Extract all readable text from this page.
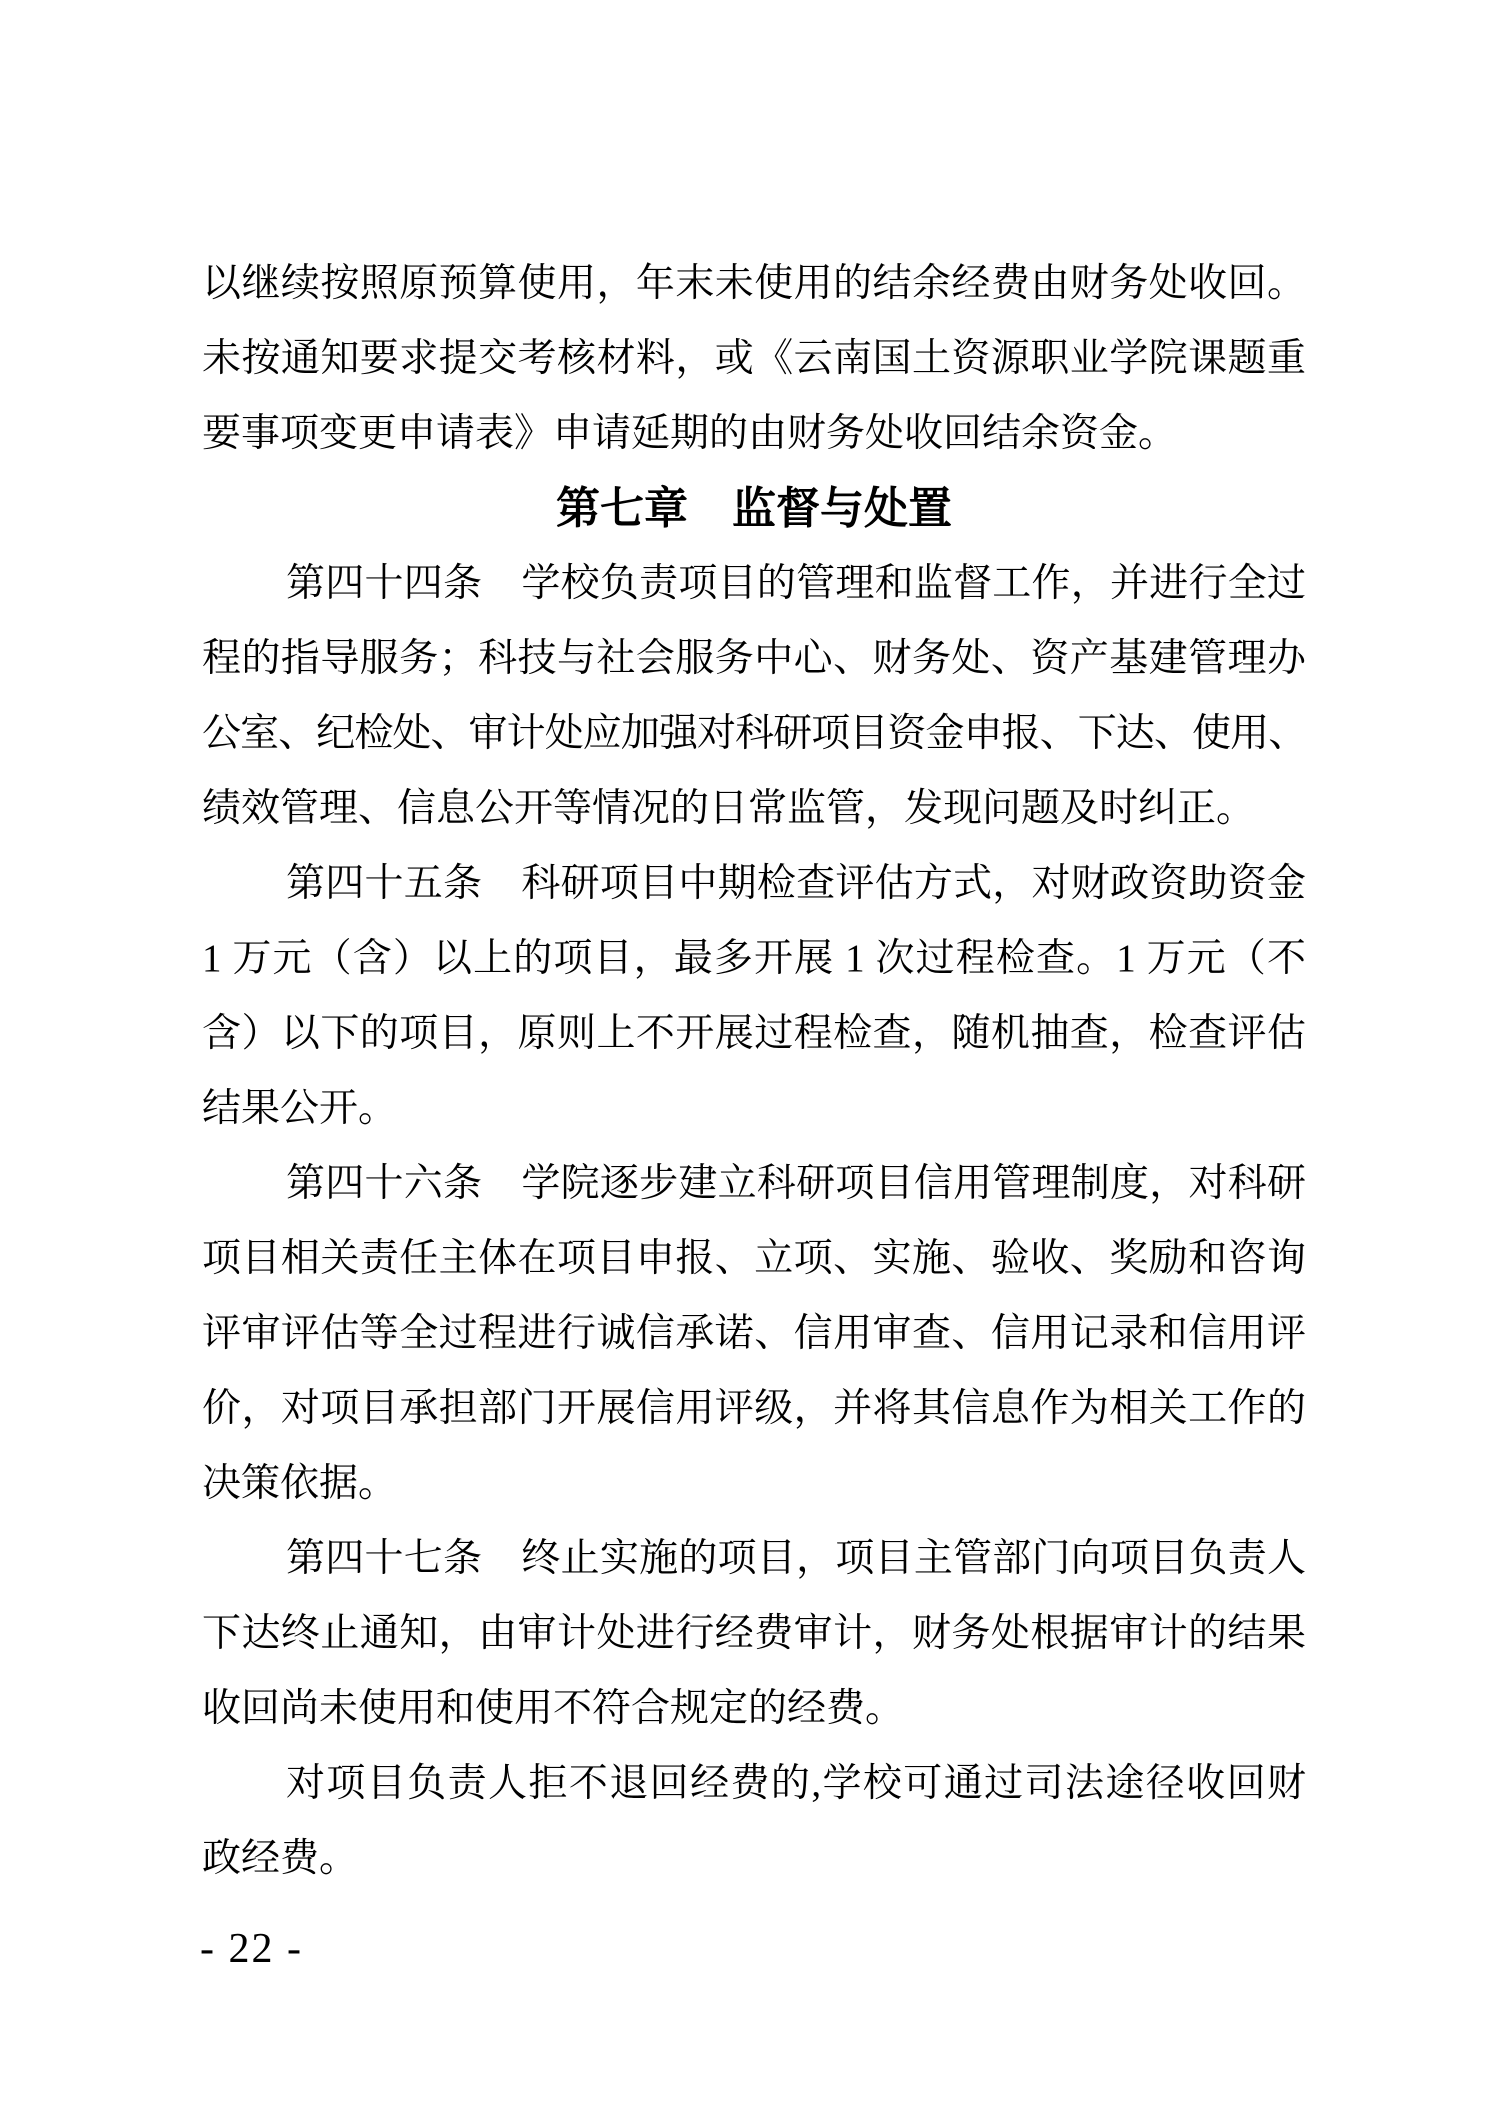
以继续按照原预算使用，年末未使用的结余经费由财务处收回。
未按通知要求提交考核材料，或《云南国土资源职业学院课题重
要事项变更申请表》申请延期的由财务处收回结余资金。
第七章　监督与处置
第四十四条　学校负责项目的管理和监督工作，并进行全过
程的指导服务；科技与社会服务中心、财务处、资产基建管理办
公室、纪检处、审计处应加强对科研项目资金申报、下达、使用、
绩效管理、信息公开等情况的日常监管，发现问题及时纠正。
第四十五条　科研项目中期检查评估方式，对财政资助资金
1 万元（含）以上的项目，最多开展 1 次过程检查。1 万元（不
含）以下的项目，原则上不开展过程检查，随机抽查，检查评估
结果公开。
第四十六条　学院逐步建立科研项目信用管理制度，对科研
项目相关责任主体在项目申报、立项、实施、验收、奖励和咨询
评审评估等全过程进行诚信承诺、信用审查、信用记录和信用评
价，对项目承担部门开展信用评级，并将其信息作为相关工作的
决策依据。
第四十七条　终止实施的项目，项目主管部门向项目负责人
下达终止通知，由审计处进行经费审计，财务处根据审计的结果
收回尚未使用和使用不符合规定的经费。
对项目负责人拒不退回经费的,学校可通过司法途径收回财
政经费。
- 22 -
